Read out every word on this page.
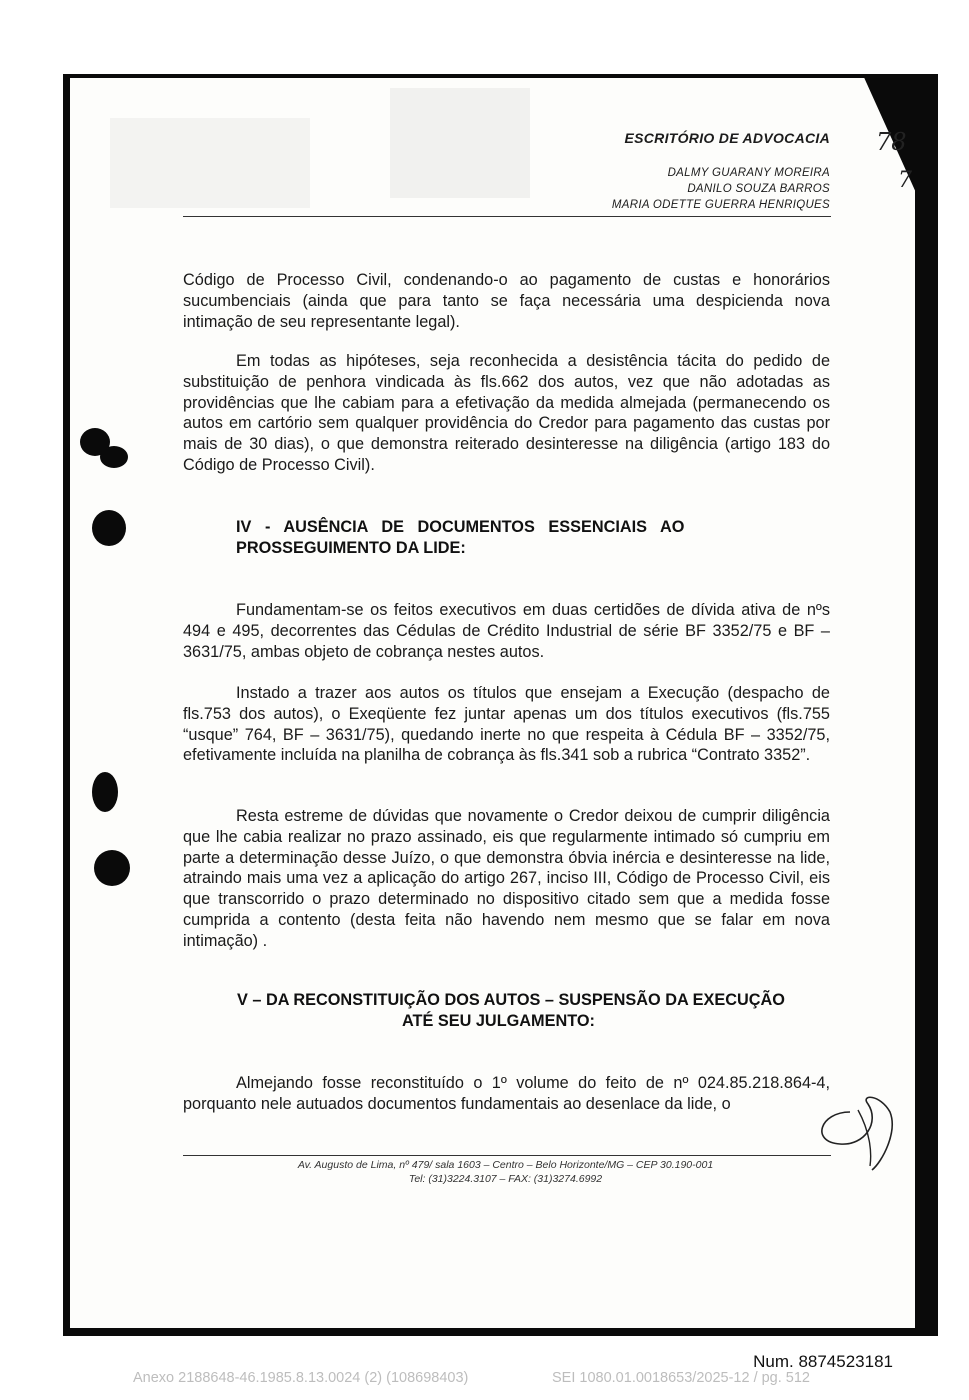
ESCRITÓRIO DE ADVOCACIA
DALMY GUARANY MOREIRA
DANILO SOUZA BARROS
MARIA ODETTE GUERRA HENRIQUES
78
7
Código de Processo Civil, condenando-o ao pagamento de custas e honorários sucumbenciais (ainda que para tanto se faça necessária uma despicienda nova intimação de seu representante legal).
Em todas as hipóteses, seja reconhecida a desistência tácita do pedido de substituição de penhora vindicada às fls.662 dos autos, vez que não adotadas as providências que lhe cabiam para a efetivação da medida almejada (permanecendo os autos em cartório sem qualquer providência do Credor para pagamento das custas por mais de 30 dias), o que demonstra reiterado desinteresse na diligência (artigo 183 do Código de Processo Civil).
IV   -   AUSÊNCIA   DE   DOCUMENTOS   ESSENCIAIS   AO
PROSSEGUIMENTO DA LIDE:
Fundamentam-se os feitos executivos em duas certidões de dívida ativa de nºs 494 e 495, decorrentes das Cédulas de Crédito Industrial de série BF 3352/75 e BF – 3631/75, ambas objeto de cobrança nestes autos.
Instado a trazer aos autos os títulos que ensejam a Execução (despacho de fls.753 dos autos), o Exeqüente fez juntar apenas um dos títulos executivos (fls.755 “usque” 764, BF – 3631/75), quedando inerte no que respeita à Cédula BF – 3352/75, efetivamente incluída na planilha de cobrança às fls.341 sob a rubrica “Contrato 3352”.
Resta estreme de dúvidas que novamente o Credor deixou de cumprir diligência que lhe cabia realizar no prazo assinado, eis que regularmente intimado só cumpriu em parte a determinação desse Juízo, o que demonstra óbvia inércia e desinteresse na lide, atraindo mais uma vez a aplicação do artigo 267, inciso III, Código de Processo Civil, eis que transcorrido o prazo determinado no dispositivo citado sem que a medida fosse cumprida a contento (desta feita não havendo nem mesmo que se falar em nova intimação) .
V – DA RECONSTITUIÇÃO DOS AUTOS – SUSPENSÃO DA EXECUÇÃO
ATÉ SEU JULGAMENTO:
Almejando fosse reconstituído o 1º volume do feito de nº 024.85.218.864-4, porquanto nele autuados documentos fundamentais ao desenlace da lide, o
Av. Augusto de Lima, nº 479/ sala 1603 – Centro – Belo Horizonte/MG – CEP 30.190-001
Tel: (31)3224.3107 – FAX: (31)3274.6992
Num. 8874523181
Anexo 2188648-46.1985.8.13.0024 (2) (108698403)	SEI 1080.01.0018653/2025-12 / pg. 512
